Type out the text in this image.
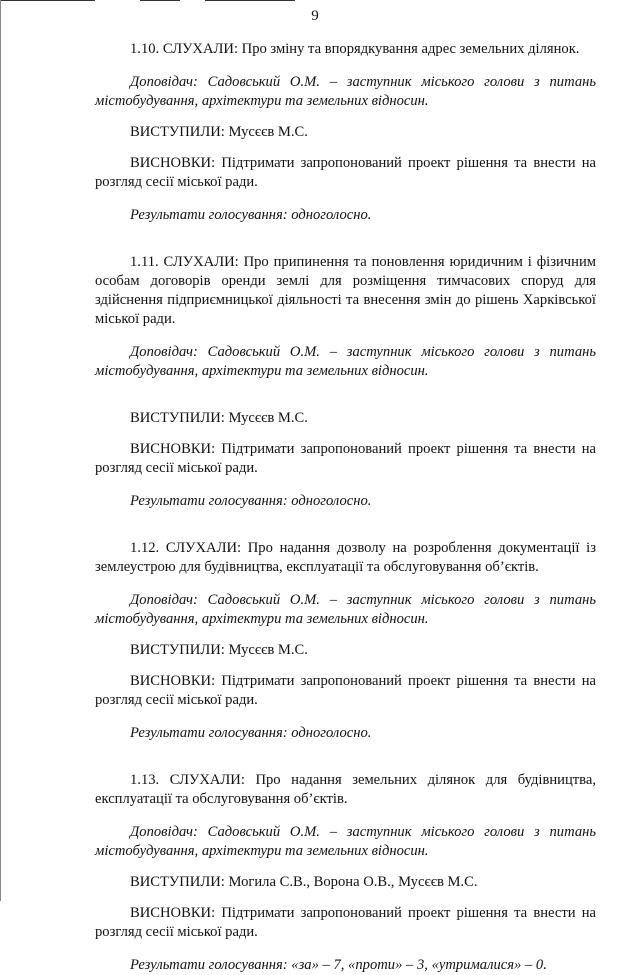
9

1.10. СЛУХАЛИ: Про зміну та впорядкування адрес земельних ділянок.

Доповідач: Садовський О.М. – заступник міського голови з питань містобудування, архітектури та земельних відносин.

ВИСТУПИЛИ: Мусєєв М.С.

ВИСНОВКИ: Підтримати запропонований проект рішення та внести на розгляд сесії міської ради.

Результати голосування: одноголосно.

1.11. СЛУХАЛИ: Про припинення та поновлення юридичним і фізичним особам договорів оренди землі для розміщення тимчасових споруд для здійснення підприємницької діяльності та внесення змін до рішень Харківської міської ради.

Доповідач: Садовський О.М. – заступник міського голови з питань містобудування, архітектури та земельних відносин.

ВИСТУПИЛИ: Мусєєв М.С.

ВИСНОВКИ: Підтримати запропонований проект рішення та внести на розгляд сесії міської ради.

Результати голосування: одноголосно.

1.12. СЛУХАЛИ: Про надання дозволу на розроблення документації із землеустрою для будівництва, експлуатації та обслуговування об’єктів.

Доповідач: Садовський О.М. – заступник міського голови з питань містобудування, архітектури та земельних відносин.

ВИСТУПИЛИ: Мусєєв М.С.

ВИСНОВКИ: Підтримати запропонований проект рішення та внести на розгляд сесії міської ради.

Результати голосування: одноголосно.

1.13. СЛУХАЛИ: Про надання земельних ділянок для будівництва, експлуатації та обслуговування об’єктів.

Доповідач: Садовський О.М. – заступник міського голови з питань містобудування, архітектури та земельних відносин.

ВИСТУПИЛИ: Могила С.В., Ворона О.В., Мусєєв М.С.

ВИСНОВКИ: Підтримати запропонований проект рішення та внести на розгляд сесії міської ради.

Результати голосування: «за» – 7, «проти» – 3, «утрималися» – 0.
